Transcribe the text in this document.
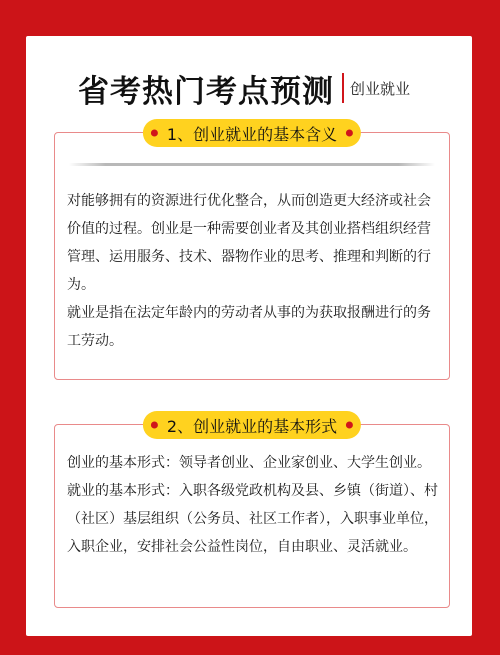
省考热门考点预测 创业就业
1、创业就业的基本含义
对能够拥有的资源进行优化整合，从而创造更大经济或社会价值的过程。创业是一种需要创业者及其创业搭档组织经营管理、运用服务、技术、器物作业的思考、推理和判断的行为。
就业是指在法定年龄内的劳动者从事的为获取报酬进行的务工劳动。
2、创业就业的基本形式
创业的基本形式：领导者创业、企业家创业、大学生创业。
就业的基本形式：入职各级党政机构及县、乡镇（街道）、村（社区）基层组织（公务员、社区工作者），入职事业单位，入职企业，安排社会公益性岗位，自由职业、灵活就业。
